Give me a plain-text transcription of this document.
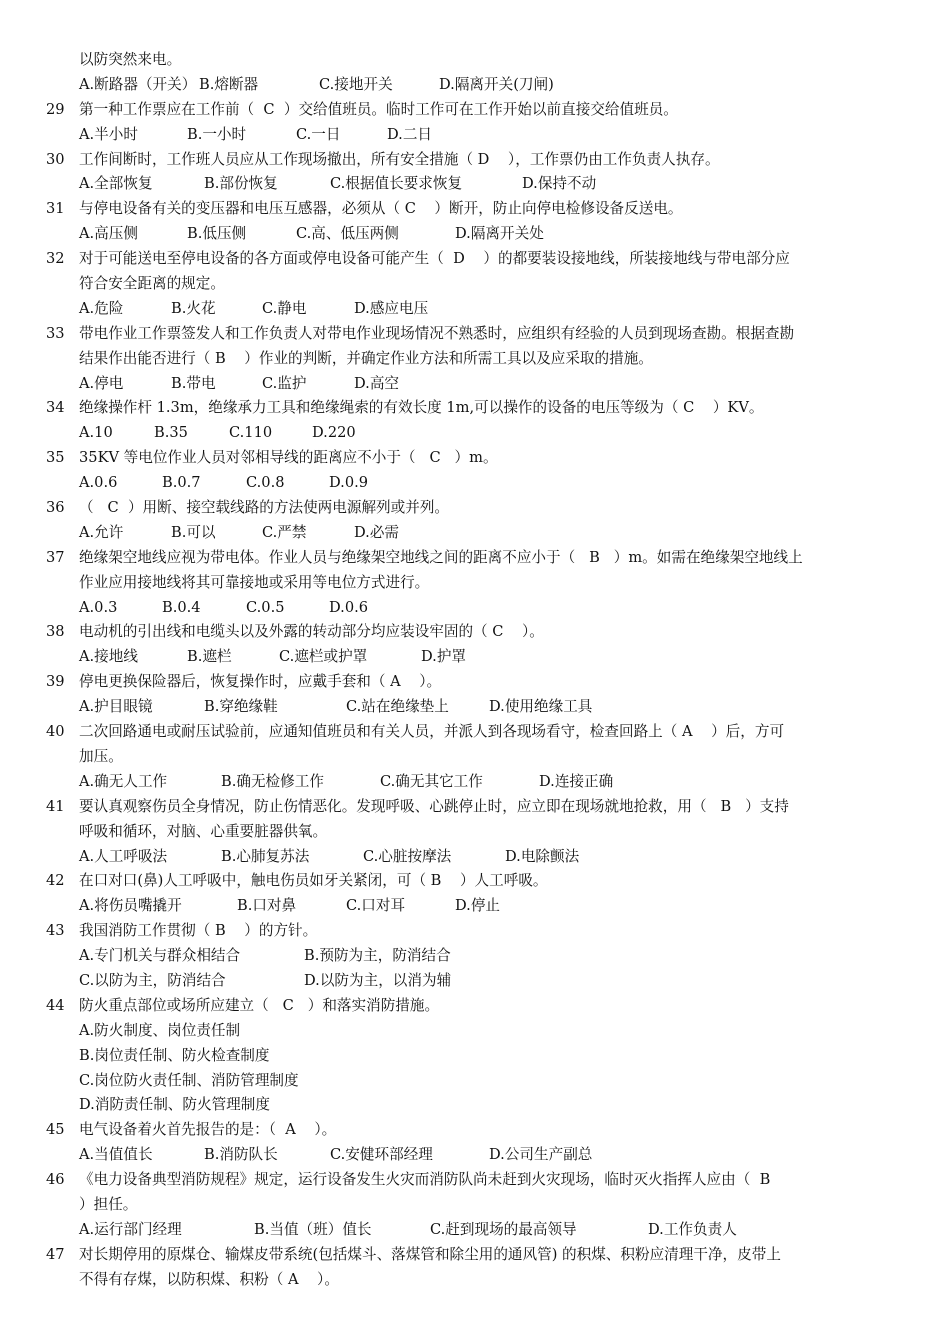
以防突然来电。
A.断路器（开关） B.熔断器	C.接地开关	D.隔离开关(刀闸)
29 第一种工作票应在工作前（  C  ）交给值班员。临时工作可在工作开始以前直接交给值班员。
A.半小时	B.一小时	C.一日	D.二日
30 工作间断时，工作班人员应从工作现场撤出，所有安全措施（ D    ），工作票仍由工作负责人执存。
A.全部恢复	B.部份恢复	C.根据值长要求恢复	D.保持不动
31 与停电设备有关的变压器和电压互感器，必须从（ C    ）断开，防止向停电检修设备反送电。
A.高压侧	B.低压侧	C.高、低压两侧	D.隔离开关处
32 对于可能送电至停电设备的各方面或停电设备可能产生（  D    ）的都要装设接地线，所装接地线与带电部分应
符合安全距离的规定。
A.危险	B.火花	C.静电	D.感应电压
33 带电作业工作票签发人和工作负责人对带电作业现场情况不熟悉时，应组织有经验的人员到现场查勘。根据查勘
结果作出能否进行（ B    ）作业的判断，并确定作业方法和所需工具以及应采取的措施。
A.停电	B.带电	C.监护	D.高空
34 绝缘操作杆 1.3m，绝缘承力工具和绝缘绳索的有效长度 1m,可以操作的设备的电压等级为（ C    ）KV。
A.10	B.35	C.110	D.220
35 35KV 等电位作业人员对邻相导线的距离应不小于（   C   ）m。
A.0.6	B.0.7	C.0.8	D.0.9
36 （   C  ）用断、接空载线路的方法使两电源解列或并列。
A.允许	B.可以	C.严禁	D.必需
37 绝缘架空地线应视为带电体。作业人员与绝缘架空地线之间的距离不应小于（   B   ）m。如需在绝缘架空地线上
作业应用接地线将其可靠接地或采用等电位方式进行。
A.0.3	B.0.4	C.0.5	D.0.6
38 电动机的引出线和电缆头以及外露的转动部分均应装设牢固的（ C    ）。
A.接地线	B.遮栏	C.遮栏或护罩	D.护罩
39 停电更换保险器后，恢复操作时，应戴手套和（ A    ）。
A.护目眼镜	B.穿绝缘鞋	C.站在绝缘垫上	D.使用绝缘工具
40 二次回路通电或耐压试验前，应通知值班员和有关人员，并派人到各现场看守，检查回路上（ A    ）后，方可
加压。
A.确无人工作	B.确无检修工作	C.确无其它工作	D.连接正确
41 要认真观察伤员全身情况，防止伤情恶化。发现呼吸、心跳停止时，应立即在现场就地抢救，用（   B   ）支持
呼吸和循环，对脑、心重要脏器供氧。
A.人工呼吸法	B.心肺复苏法	C.心脏按摩法	D.电除颤法
42 在口对口(鼻)人工呼吸中，触电伤员如牙关紧闭，可（ B    ）人工呼吸。
A.将伤员嘴撬开	B.口对鼻	C.口对耳	D.停止
43 我国消防工作贯彻（ B    ）的方针。
A.专门机关与群众相结合	B.预防为主，防消结合
C.以防为主，防消结合	D.以防为主，以消为辅
44 防火重点部位或场所应建立（   C   ）和落实消防措施。
A.防火制度、岗位责任制
B.岗位责任制、防火检查制度
C.岗位防火责任制、消防管理制度
D.消防责任制、防火管理制度
45 电气设备着火首先报告的是：（  A    ）。
A.当值值长	B.消防队长	C.安健环部经理	D.公司生产副总
46 《电力设备典型消防规程》规定，运行设备发生火灾而消防队尚未赶到火灾现场，临时灭火指挥人应由（  B
）担任。
A.运行部门经理	B.当值（班）值长	C.赶到现场的最高领导	D.工作负责人
47 对长期停用的原煤仓、输煤皮带系统(包括煤斗、落煤管和除尘用的通风管) 的积煤、积粉应清理干净，皮带上
不得有存煤，以防积煤、积粉（ A    ）。
